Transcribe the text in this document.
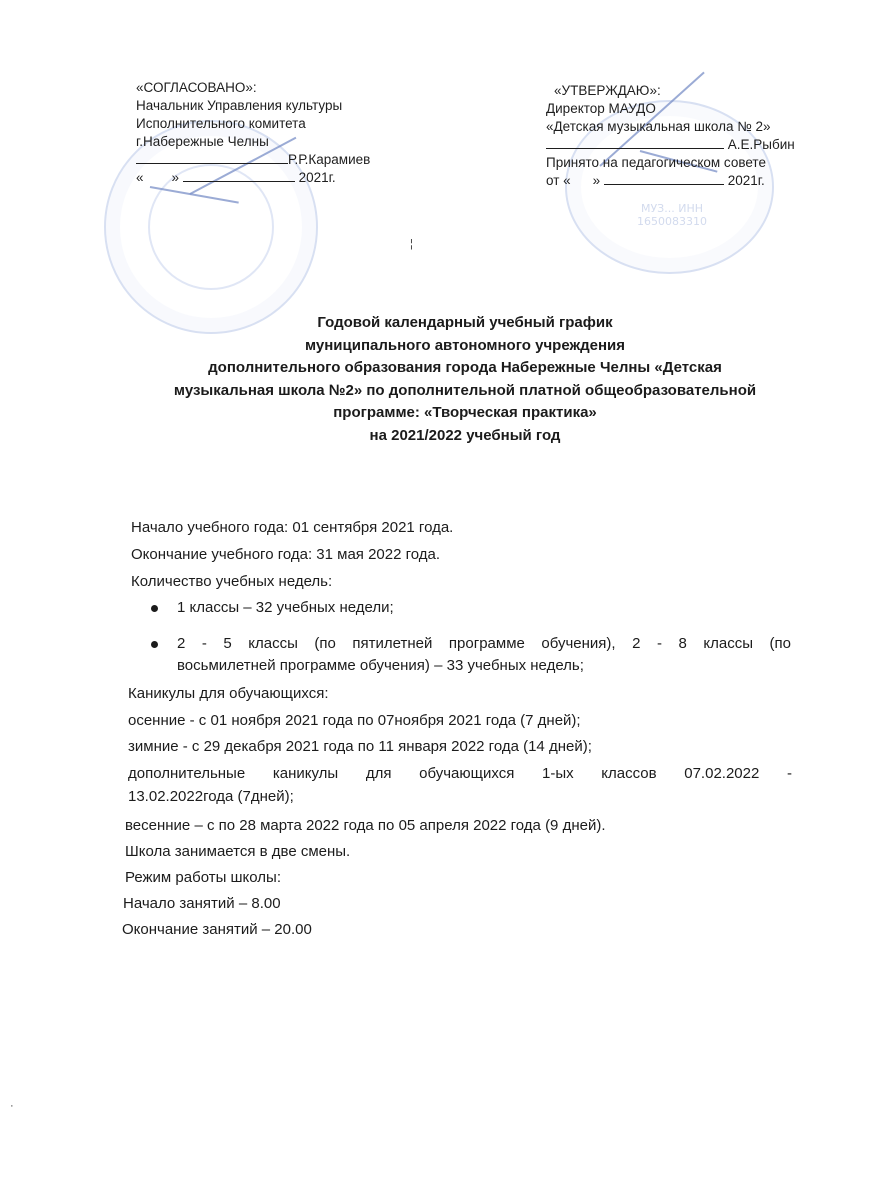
МУЗ... ИНН 1650083310
«СОГЛАСОВАНО»:
Начальник Управления культуры
Исполнительного комитета
г.Набережные Челны
Р.Р.Карамиев
« »	2021г.
«УТВЕРЖДАЮ»:
Директор МАУДО
«Детская музыкальная школа № 2»
А.Е.Рыбин
Принято на педагогическом совете
от « »	2021г.
¦
Годовой календарный учебный график
муниципального автономного учреждения
дополнительного образования города Набережные Челны «Детская
музыкальная школа №2» по дополнительной платной общеобразовательной
программе: «Творческая практика»
на 2021/2022 учебный год
Начало учебного года: 01 сентября 2021 года.
Окончание учебного года: 31 мая 2022 года.
Количество учебных недель:
1 классы – 32 учебных недели;
2 - 5 классы (по пятилетней программе обучения), 2 - 8 классы (по
восьмилетней программе обучения) – 33 учебных недель;
Каникулы для обучающихся:
осенние - с 01 ноября 2021 года по 07ноября 2021 года (7 дней);
зимние - с 29 декабря 2021 года по 11 января 2022 года (14 дней);
дополнительные каникулы для обучающихся 1-ых классов 07.02.2022 -
13.02.2022года (7дней);
весенние – с по 28 марта 2022 года по 05 апреля 2022 года (9 дней).
Школа занимается в две смены.
Режим работы школы:
Начало занятий – 8.00
Окончание занятий – 20.00
·
